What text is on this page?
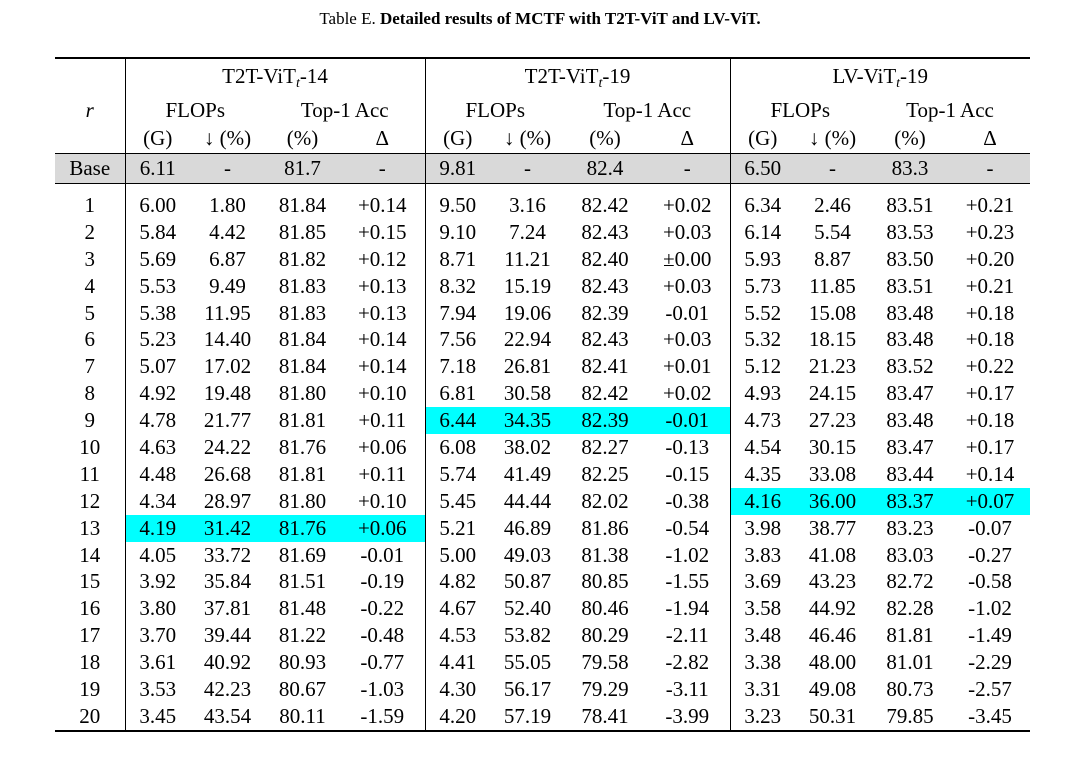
Table E. Detailed results of MCTF with T2T-ViT and LV-ViT.

	T2T-ViT$_t$-14				T2T-ViT$_t$-19				LV-ViT$_t$-19			
r	FLOPs		Top-1 Acc		FLOPs		Top-1 Acc		FLOPs		Top-1 Acc	
	(G)	↓ (%)	(%)	Δ	(G)	↓ (%)	(%)	Δ	(G)	↓ (%)	(%)	Δ

Base	6.11	-	81.7	-	9.81	-	82.4	-	6.50	-	83.3	-

1	6.00	1.80	81.84	+0.14	9.50	3.16	82.42	+0.02	6.34	2.46	83.51	+0.21
2	5.84	4.42	81.85	+0.15	9.10	7.24	82.43	+0.03	6.14	5.54	83.53	+0.23
3	5.69	6.87	81.82	+0.12	8.71	11.21	82.40	±0.00	5.93	8.87	83.50	+0.20
4	5.53	9.49	81.83	+0.13	8.32	15.19	82.43	+0.03	5.73	11.85	83.51	+0.21
5	5.38	11.95	81.83	+0.13	7.94	19.06	82.39	-0.01	5.52	15.08	83.48	+0.18
6	5.23	14.40	81.84	+0.14	7.56	22.94	82.43	+0.03	5.32	18.15	83.48	+0.18
7	5.07	17.02	81.84	+0.14	7.18	26.81	82.41	+0.01	5.12	21.23	83.52	+0.22
8	4.92	19.48	81.80	+0.10	6.81	30.58	82.42	+0.02	4.93	24.15	83.47	+0.17
9	4.78	21.77	81.81	+0.11	6.44	34.35	82.39	-0.01	4.73	27.23	83.48	+0.18
10	4.63	24.22	81.76	+0.06	6.08	38.02	82.27	-0.13	4.54	30.15	83.47	+0.17
11	4.48	26.68	81.81	+0.11	5.74	41.49	82.25	-0.15	4.35	33.08	83.44	+0.14
12	4.34	28.97	81.80	+0.10	5.45	44.44	82.02	-0.38	4.16	36.00	83.37	+0.07
13	4.19	31.42	81.76	+0.06	5.21	46.89	81.86	-0.54	3.98	38.77	83.23	-0.07
14	4.05	33.72	81.69	-0.01	5.00	49.03	81.38	-1.02	3.83	41.08	83.03	-0.27
15	3.92	35.84	81.51	-0.19	4.82	50.87	80.85	-1.55	3.69	43.23	82.72	-0.58
16	3.80	37.81	81.48	-0.22	4.67	52.40	80.46	-1.94	3.58	44.92	82.28	-1.02
17	3.70	39.44	81.22	-0.48	4.53	53.82	80.29	-2.11	3.48	46.46	81.81	-1.49
18	3.61	40.92	80.93	-0.77	4.41	55.05	79.58	-2.82	3.38	48.00	81.01	-2.29
19	3.53	42.23	80.67	-1.03	4.30	56.17	79.29	-3.11	3.31	49.08	80.73	-2.57
20	3.45	43.54	80.11	-1.59	4.20	57.19	78.41	-3.99	3.23	50.31	79.85	-3.45
